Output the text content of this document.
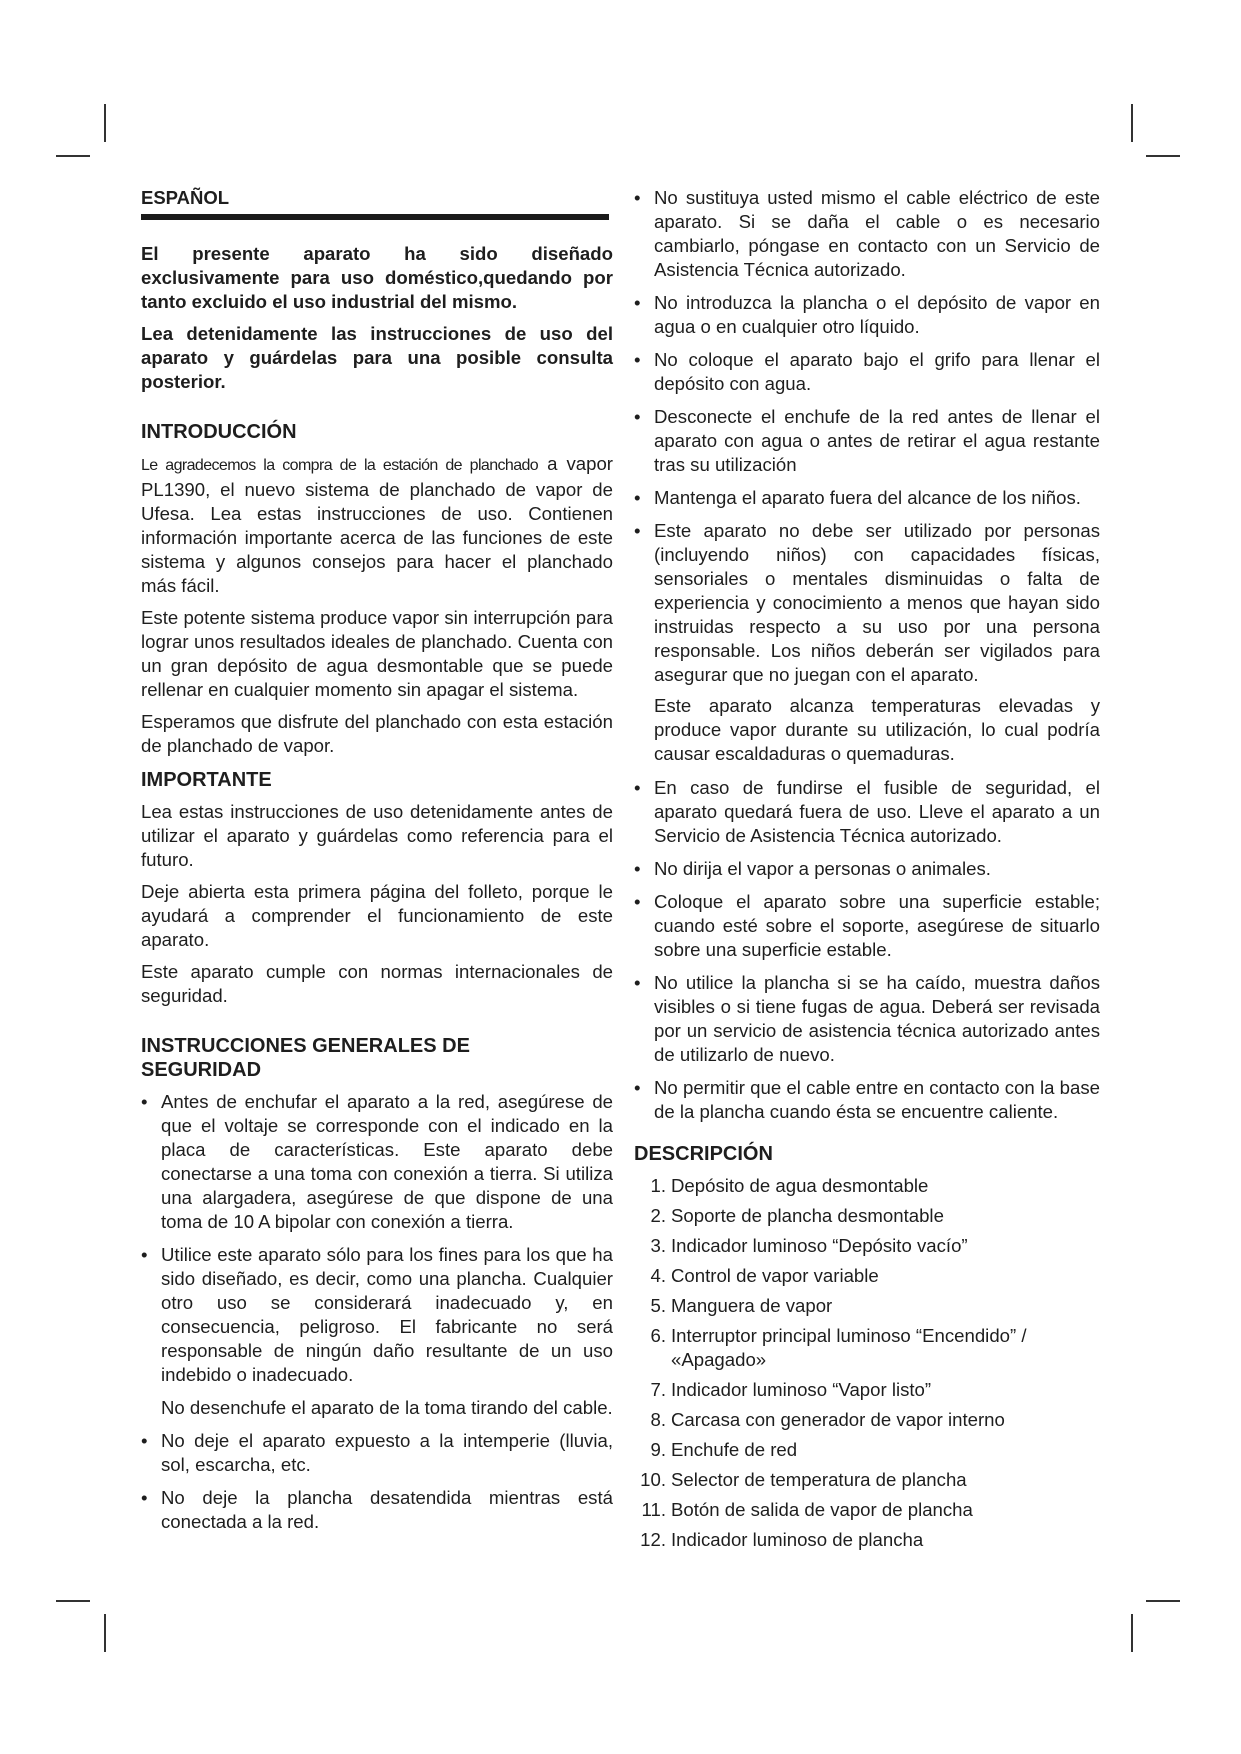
ESPAÑOL

El presente aparato ha sido diseñado exclusivamente para uso doméstico,quedando por tanto excluido el uso industrial del mismo.

Lea detenidamente las instrucciones de uso del aparato y guárdelas para una posible consulta posterior.

INTRODUCCIÓN

Le agradecemos la compra de la estación de planchado a vapor PL1390, el nuevo sistema de planchado de vapor de Ufesa. Lea estas instrucciones de uso. Contienen información importante acerca de las funciones de este sistema y algunos consejos para hacer el planchado más fácil.

Este potente sistema produce vapor sin interrupción para lograr unos resultados ideales de planchado. Cuenta con un gran depósito de agua desmontable que se puede rellenar en cualquier momento sin apagar el sistema.

Esperamos que disfrute del planchado con esta estación de planchado de vapor.

IMPORTANTE

Lea estas instrucciones de uso detenidamente antes de utilizar el aparato y guárdelas como referencia para el futuro.

Deje abierta esta primera página del folleto, porque le ayudará a comprender el funcionamiento de este aparato.

Este aparato cumple con normas internacionales de seguridad.

INSTRUCCIONES GENERALES DE SEGURIDAD
• Antes de enchufar el aparato a la red, asegúrese de que el voltaje se corresponde con el indicado en la placa de características. Este aparato debe conectarse a una toma con conexión a tierra. Si utiliza una alargadera, asegúrese de que dispone de una toma de 10 A bipolar con conexión a tierra.
• Utilice este aparato sólo para los fines para los que ha sido diseñado, es decir, como una plancha. Cualquier otro uso se considerará inadecuado y, en consecuencia, peligroso. El fabricante no será responsable de ningún daño resultante de un uso indebido o inadecuado.
No desenchufe el aparato de la toma tirando del cable.
• No deje el aparato expuesto a la intemperie (lluvia, sol, escarcha, etc.
• No deje la plancha desatendida mientras está conectada a la red.
• No sustituya usted mismo el cable eléctrico de este aparato. Si se daña el cable o es necesario cambiarlo, póngase en contacto con un Servicio de Asistencia Técnica autorizado.
• No introduzca la plancha o el depósito de vapor en agua o en cualquier otro líquido.
• No coloque el aparato bajo el grifo para llenar el depósito con agua.
• Desconecte el enchufe de la red antes de llenar el aparato con agua o antes de retirar el agua restante tras su utilización
• Mantenga el aparato fuera del alcance de los niños.
• Este aparato no debe ser utilizado por personas (incluyendo niños) con capacidades físicas, sensoriales o mentales disminuidas o falta de experiencia y conocimiento a menos que hayan sido instruidas respecto a su uso por una persona responsable. Los niños deberán ser vigilados para asegurar que no juegan con el aparato.
Este aparato alcanza temperaturas elevadas y produce vapor durante su utilización, lo cual podría causar escaldaduras o quemaduras.
• En caso de fundirse el fusible de seguridad, el aparato quedará fuera de uso. Lleve el aparato a un Servicio de Asistencia Técnica autorizado.
• No dirija el vapor a personas o animales.
• Coloque el aparato sobre una superficie estable; cuando esté sobre el soporte, asegúrese de situarlo sobre una superficie estable.
• No utilice la plancha si se ha caído, muestra daños visibles o si tiene fugas de agua. Deberá ser revisada por un servicio de asistencia técnica autorizado antes de utilizarlo de nuevo.
• No permitir que el cable entre en contacto con la base de la plancha cuando ésta se encuentre caliente.
DESCRIPCIÓN
1. Depósito de agua desmontable
2. Soporte de plancha desmontable
3. Indicador luminoso “Depósito vacío”
4. Control de vapor variable
5. Manguera de vapor
6. Interruptor principal luminoso “Encendido” / «Apagado»
7. Indicador luminoso “Vapor listo”
8. Carcasa con generador de vapor interno
9. Enchufe de red
10. Selector de temperatura de plancha
11. Botón de salida de vapor de plancha
12. Indicador luminoso de plancha
